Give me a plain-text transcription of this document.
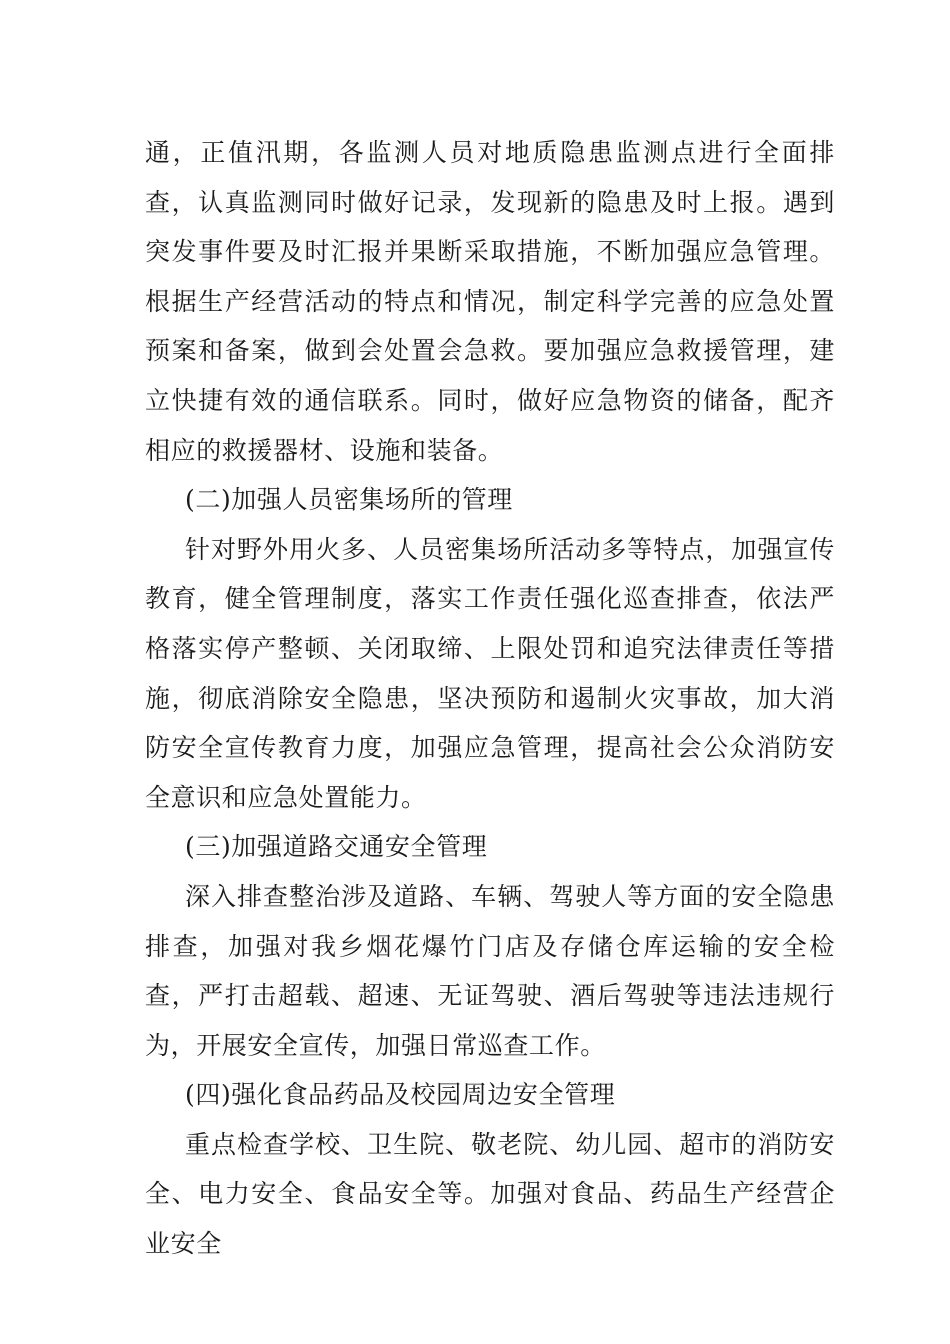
通，正值汛期，各监测人员对地质隐患监测点进行全面排查，认真监测同时做好记录，发现新的隐患及时上报。遇到突发事件要及时汇报并果断采取措施，不断加强应急管理。根据生产经营活动的特点和情况，制定科学完善的应急处置预案和备案，做到会处置会急救。要加强应急救援管理，建立快捷有效的通信联系。同时，做好应急物资的储备，配齐相应的救援器材、设施和装备。

(二)加强人员密集场所的管理

针对野外用火多、人员密集场所活动多等特点，加强宣传教育，健全管理制度，落实工作责任强化巡查排查，依法严格落实停产整顿、关闭取缔、上限处罚和追究法律责任等措施，彻底消除安全隐患，坚决预防和遏制火灾事故，加大消防安全宣传教育力度，加强应急管理，提高社会公众消防安全意识和应急处置能力。

(三)加强道路交通安全管理

深入排查整治涉及道路、车辆、驾驶人等方面的安全隐患排查，加强对我乡烟花爆竹门店及存储仓库运输的安全检查，严打击超载、超速、无证驾驶、酒后驾驶等违法违规行为，开展安全宣传，加强日常巡查工作。

(四)强化食品药品及校园周边安全管理

重点检查学校、卫生院、敬老院、幼儿园、超市的消防安全、电力安全、食品安全等。加强对食品、药品生产经营企业安全
